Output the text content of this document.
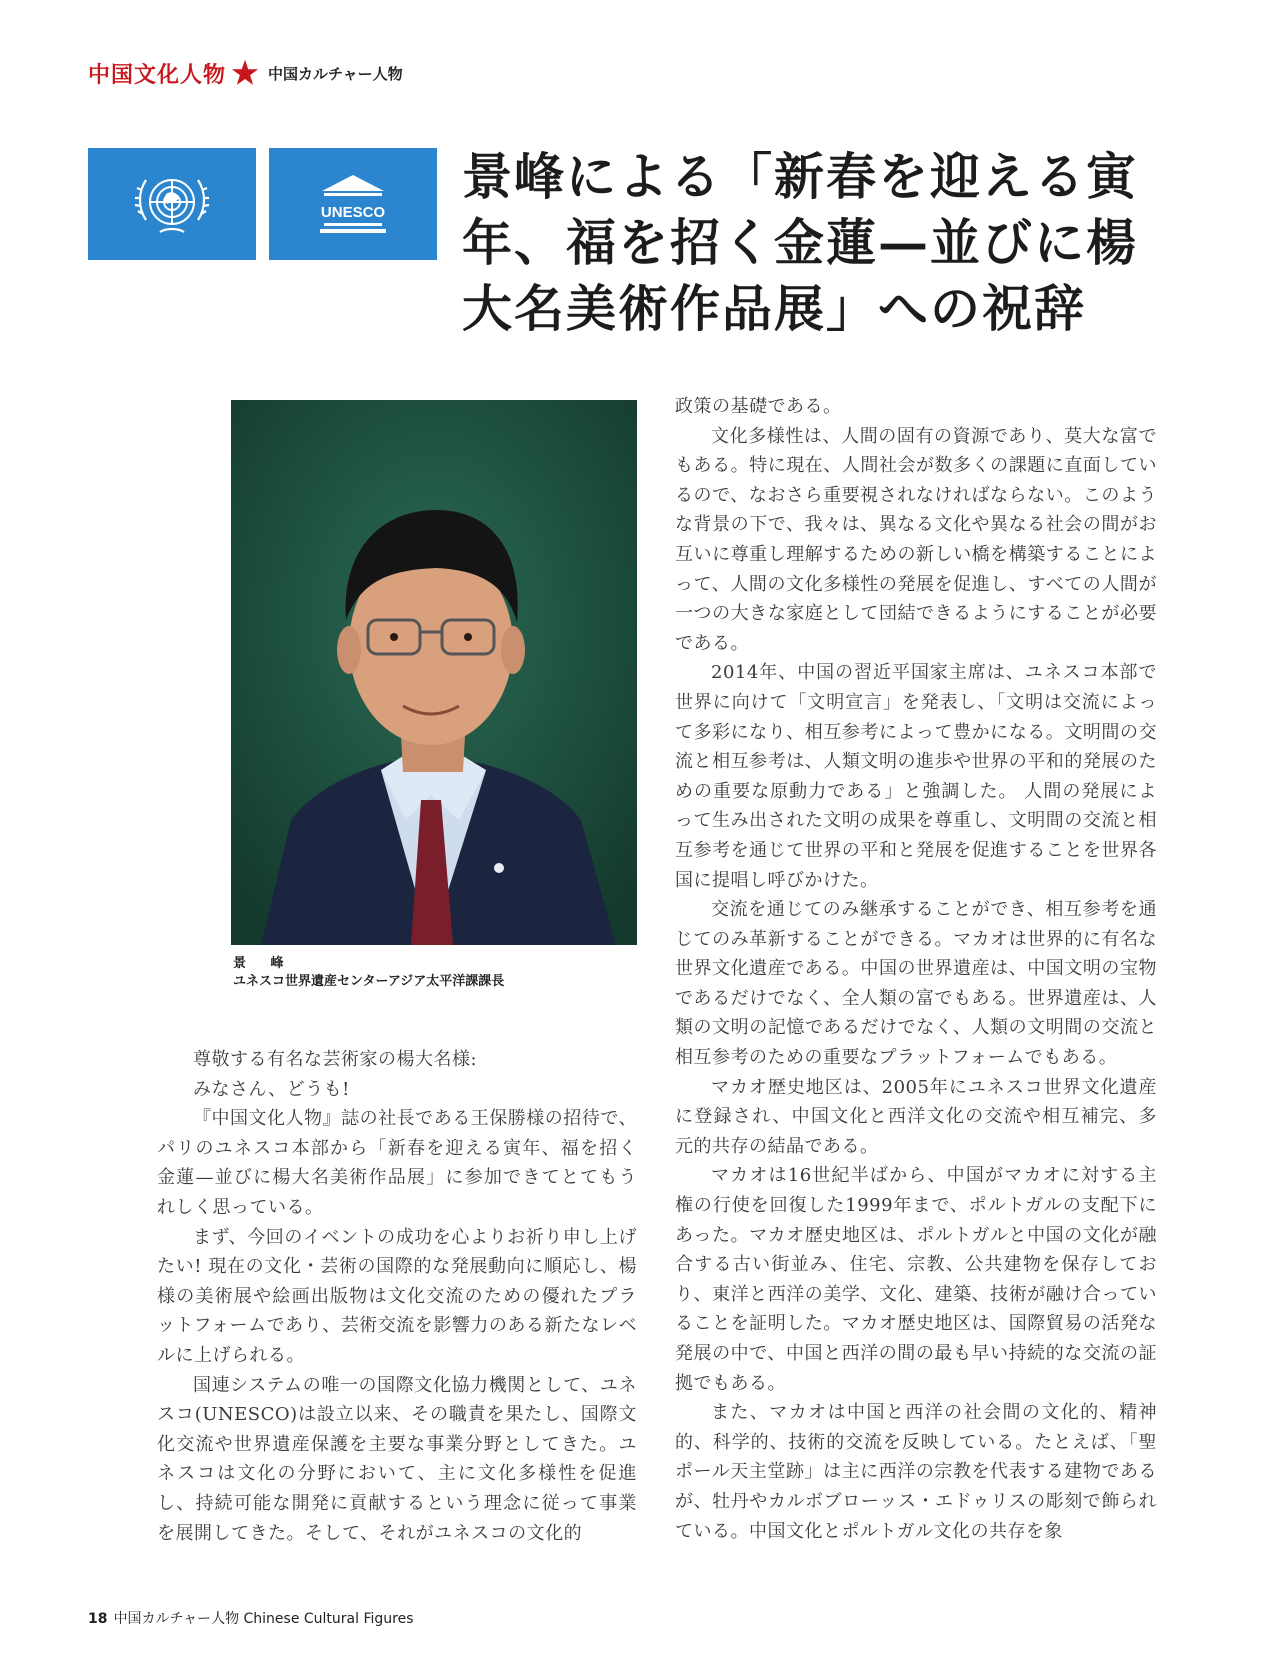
中国文化人物	中国カルチャー人物
UNESCO
景峰による「新春を迎える寅
年、福を招く金蓮—並びに楊
大名美術作品展」への祝辞
景 峰
ユネスコ世界遺産センターアジア太平洋課課長

尊敬する有名な芸術家の楊大名様:

みなさん、どうも!

『中国文化人物』誌の社長である王保勝様の招待で、パリのユネスコ本部から「新春を迎える寅年、福を招く金蓮—並びに楊大名美術作品展」に参加できてとてもうれしく思っている。

まず、今回のイベントの成功を心よりお祈り申し上げたい! 現在の文化・芸術の国際的な発展動向に順応し、楊様の美術展や絵画出版物は文化交流のための優れたプラットフォームであり、芸術交流を影響力のある新たなレベルに上げられる。

国連システムの唯一の国際文化協力機関として、ユネスコ(UNESCO)は設立以来、その職責を果たし、国際文化交流や世界遺産保護を主要な事業分野としてきた。ユネスコは文化の分野において、主に文化多様性を促進し、持続可能な開発に貢献するという理念に従って事業を展開してきた。そして、それがユネスコの文化的

政策の基礎である。

文化多様性は、人間の固有の資源であり、莫大な富でもある。特に現在、人間社会が数多くの課題に直面しているので、なおさら重要視されなければならない。このような背景の下で、我々は、異なる文化や異なる社会の間がお互いに尊重し理解するための新しい橋を構築することによって、人間の文化多様性の発展を促進し、すべての人間が一つの大きな家庭として団結できるようにすることが必要である。

2014年、中国の習近平国家主席は、ユネスコ本部で世界に向けて「文明宣言」を発表し、「文明は交流によって多彩になり、相互参考によって豊かになる。文明間の交流と相互参考は、人類文明の進歩や世界の平和的発展のための重要な原動力である」と強調した。 人間の発展によって生み出された文明の成果を尊重し、文明間の交流と相互参考を通じて世界の平和と発展を促進することを世界各国に提唱し呼びかけた。

交流を通じてのみ継承することができ、相互参考を通じてのみ革新することができる。マカオは世界的に有名な世界文化遺産である。中国の世界遺産は、中国文明の宝物であるだけでなく、全人類の富でもある。世界遺産は、人類の文明の記憶であるだけでなく、人類の文明間の交流と相互参考のための重要なプラットフォームでもある。

マカオ歴史地区は、2005年にユネスコ世界文化遺産に登録され、中国文化と西洋文化の交流や相互補完、多元的共存の結晶である。

マカオは16世紀半ばから、中国がマカオに対する主権の行使を回復した1999年まで、ポルトガルの支配下にあった。マカオ歴史地区は、ポルトガルと中国の文化が融合する古い街並み、住宅、宗教、公共建物を保存しており、東洋と西洋の美学、文化、建築、技術が融け合っていることを証明した。マカオ歴史地区は、国際貿易の活発な発展の中で、中国と西洋の間の最も早い持続的な交流の証拠でもある。

また、マカオは中国と西洋の社会間の文化的、精神的、科学的、技術的交流を反映している。たとえば、「聖ポール天主堂跡」は主に西洋の宗教を代表する建物であるが、牡丹やカルボブローッス・エドゥリスの彫刻で飾られている。中国文化とポルトガル文化の共存を象

18 中国カルチャー人物 Chinese Cultural Figures
